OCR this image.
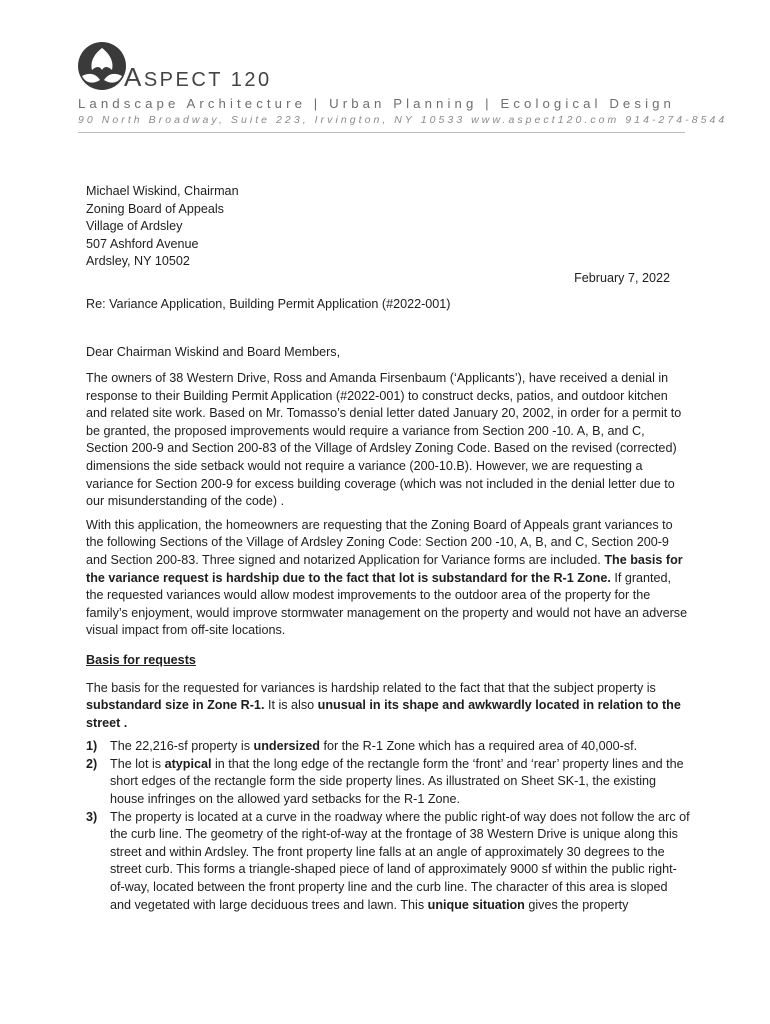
ASPECT 120
Landscape Architecture | Urban Planning | Ecological Design
90 North Broadway, Suite 223, Irvington, NY 10533 www.aspect120.com 914-274-8544
Michael Wiskind, Chairman
Zoning Board of Appeals
Village of Ardsley
507 Ashford Avenue
Ardsley, NY 10502
February 7, 2022
Re: Variance Application, Building Permit Application (#2022-001)
Dear Chairman Wiskind and Board Members,

The owners of 38 Western Drive, Ross and Amanda Firsenbaum (‘Applicants’), have received a denial in response to their Building Permit Application (#2022-001) to construct decks, patios, and outdoor kitchen and related site work. Based on Mr. Tomasso’s denial letter dated January 20, 2002, in order for a permit to be granted, the proposed improvements would require a variance from Section 200 -10. A, B, and C, Section 200-9 and Section 200-83 of the Village of Ardsley Zoning Code. Based on the revised (corrected) dimensions the side setback would not require a variance (200-10.B). However, we are requesting a variance for Section 200-9 for excess building coverage (which was not included in the denial letter due to our misunderstanding of the code) .

With this application, the homeowners are requesting that the Zoning Board of Appeals grant variances to the following Sections of the Village of Ardsley Zoning Code: Section 200 -10, A, B, and C, Section 200-9 and Section 200-83. Three signed and notarized Application for Variance forms are included. The basis for the variance request is hardship due to the fact that lot is substandard for the R-1 Zone. If granted, the requested variances would allow modest improvements to the outdoor area of the property for the family’s enjoyment, would improve stormwater management on the property and would not have an adverse visual impact from off-site locations.

Basis for requests

The basis for the requested for variances is hardship related to the fact that that the subject property is substandard size in Zone R-1. It is also unusual in its shape and awkwardly located in relation to the street .

1) The 22,216-sf property is undersized for the R-1 Zone which has a required area of 40,000-sf.
2) The lot is atypical in that the long edge of the rectangle form the ‘front’ and ‘rear’ property lines and the short edges of the rectangle form the side property lines. As illustrated on Sheet SK-1, the existing house infringes on the allowed yard setbacks for the R-1 Zone.
3) The property is located at a curve in the roadway where the public right-of way does not follow the arc of the curb line. The geometry of the right-of-way at the frontage of 38 Western Drive is unique along this street and within Ardsley. The front property line falls at an angle of approximately 30 degrees to the street curb. This forms a triangle-shaped piece of land of approximately 9000 sf within the public right-of-way, located between the front property line and the curb line. The character of this area is sloped and vegetated with large deciduous trees and lawn. This unique situation gives the property
